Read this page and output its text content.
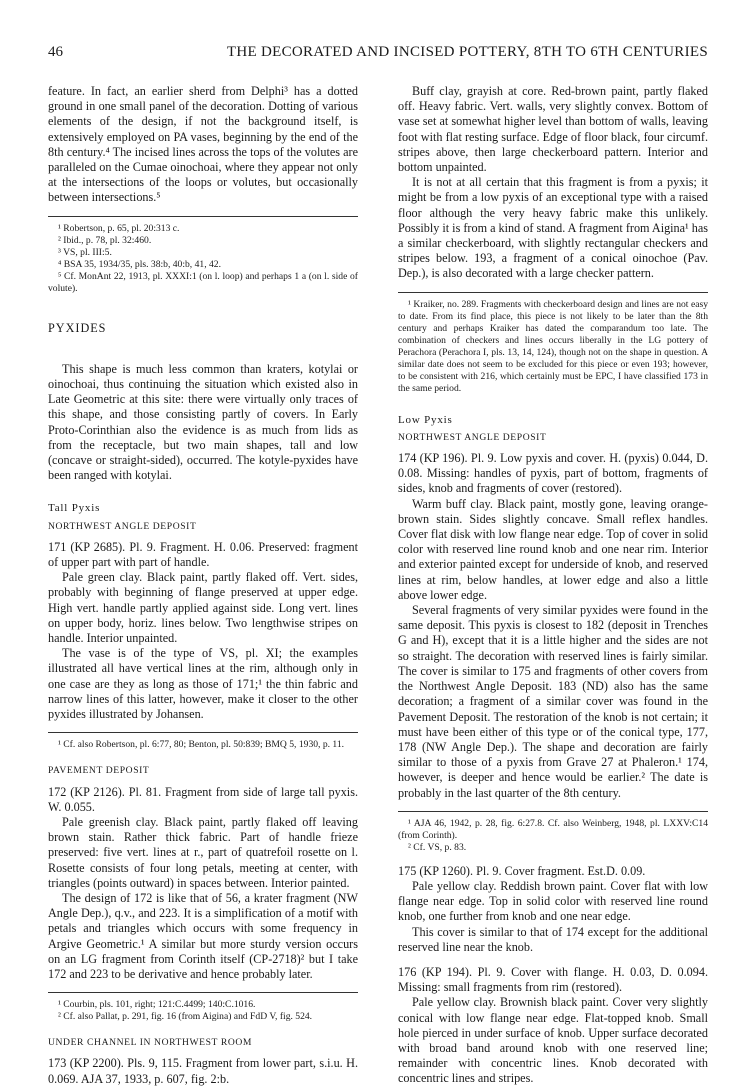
46	THE DECORATED AND INCISED POTTERY, 8TH TO 6TH CENTURIES

feature. In fact, an earlier sherd from Delphi³ has a dotted ground in one small panel of the decoration. Dotting of various elements of the design, if not the background itself, is extensively employed on PA vases, beginning by the end of the 8th century.⁴ The incised lines across the tops of the volutes are paralleled on the Cumae oinochoai, where they appear not only at the intersections of the loops or volutes, but occasionally between intersections.⁵

¹ Robertson, p. 65, pl. 20:313 c.

² Ibid., p. 78, pl. 32:460.

³ VS, pl. III:5.

⁴ BSA 35, 1934/35, pls. 38:b, 40:b, 41, 42.

⁵ Cf. MonAnt 22, 1913, pl. XXXI:1 (on l. loop) and perhaps 1 a (on l. side of volute).

PYXIDES

This shape is much less common than kraters, kotylai or oinochoai, thus continuing the situation which existed also in Late Geometric at this site: there were virtually only traces of this shape, and those consisting partly of covers. In Early Proto-Corinthian also the evidence is as much from lids as from the receptacle, but two main shapes, tall and low (concave or straight-sided), occurred. The kotyle-pyxides have been ranged with kotylai.

Tall Pyxis
NORTHWEST ANGLE DEPOSIT

171 (KP 2685). Pl. 9. Fragment. H. 0.06. Preserved: fragment of upper part with part of handle.

Pale green clay. Black paint, partly flaked off. Vert. sides, probably with beginning of flange preserved at upper edge. High vert. handle partly applied against side. Long vert. lines on upper body, horiz. lines below. Two lengthwise stripes on handle. Interior unpainted.

The vase is of the type of VS, pl. XI; the examples illustrated all have vertical lines at the rim, although only in one case are they as long as those of 171;¹ the thin fabric and narrow lines of this latter, however, make it closer to the other pyxides illustrated by Johansen.

¹ Cf. also Robertson, pl. 6:77, 80; Benton, pl. 50:839; BMQ 5, 1930, p. 11.

PAVEMENT DEPOSIT

172 (KP 2126). Pl. 81. Fragment from side of large tall pyxis. W. 0.055.

Pale greenish clay. Black paint, partly flaked off leaving brown stain. Rather thick fabric. Part of handle frieze preserved: five vert. lines at r., part of quatrefoil rosette on l. Rosette consists of four long petals, meeting at center, with triangles (points outward) in spaces between. Interior painted.

The design of 172 is like that of 56, a krater fragment (NW Angle Dep.), q.v., and 223. It is a simplification of a motif with petals and triangles which occurs with some frequency in Argive Geometric.¹ A similar but more sturdy version occurs on an LG fragment from Corinth itself (CP-2718)² but I take 172 and 223 to be derivative and hence probably later.

¹ Courbin, pls. 101, right; 121:C.4499; 140:C.1016.

² Cf. also Pallat, p. 291, fig. 16 (from Aigina) and FdD V, fig. 524.

UNDER CHANNEL IN NORTHWEST ROOM

173 (KP 2200). Pls. 9, 115. Fragment from lower part, s.i.u. H. 0.069. AJA 37, 1933, p. 607, fig. 2:b.

Buff clay, grayish at core. Red-brown paint, partly flaked off. Heavy fabric. Vert. walls, very slightly convex. Bottom of vase set at somewhat higher level than bottom of walls, leaving foot with flat resting surface. Edge of floor black, four circumf. stripes above, then large checkerboard pattern. Interior and bottom unpainted.

It is not at all certain that this fragment is from a pyxis; it might be from a low pyxis of an exceptional type with a raised floor although the very heavy fabric make this unlikely. Possibly it is from a kind of stand. A fragment from Aigina¹ has a similar checkerboard, with slightly rectangular checkers and stripes below. 193, a fragment of a conical oinochoe (Pav. Dep.), is also decorated with a large checker pattern.

¹ Kraiker, no. 289. Fragments with checkerboard design and lines are not easy to date. From its find place, this piece is not likely to be later than the 8th century and perhaps Kraiker has dated the comparandum too late. The combination of checkers and lines occurs liberally in the LG pottery of Perachora (Perachora I, pls. 13, 14, 124), though not on the shape in question. A similar date does not seem to be excluded for this piece or even 193; however, to be consistent with 216, which certainly must be EPC, I have classified 173 in the same period.

Low Pyxis
NORTHWEST ANGLE DEPOSIT

174 (KP 196). Pl. 9. Low pyxis and cover. H. (pyxis) 0.044, D. 0.08. Missing: handles of pyxis, part of bottom, fragments of sides, knob and fragments of cover (restored).

Warm buff clay. Black paint, mostly gone, leaving orange-brown stain. Sides slightly concave. Small reflex handles. Cover flat disk with low flange near edge. Top of cover in solid color with reserved line round knob and one near rim. Interior and exterior painted except for underside of knob, and reserved lines at rim, below handles, at lower edge and also a little above lower edge.

Several fragments of very similar pyxides were found in the same deposit. This pyxis is closest to 182 (deposit in Trenches G and H), except that it is a little higher and the sides are not so straight. The decoration with reserved lines is fairly similar. The cover is similar to 175 and fragments of other covers from the Northwest Angle Deposit. 183 (ND) also has the same decoration; a fragment of a similar cover was found in the Pavement Deposit. The restoration of the knob is not certain; it must have been either of this type or of the conical type, 177, 178 (NW Angle Dep.). The shape and decoration are fairly similar to those of a pyxis from Grave 27 at Phaleron.¹ 174, however, is deeper and hence would be earlier.² The date is probably in the last quarter of the 8th century.

¹ AJA 46, 1942, p. 28, fig. 6:27.8. Cf. also Weinberg, 1948, pl. LXXV:C14 (from Corinth).

² Cf. VS, p. 83.

175 (KP 1260). Pl. 9. Cover fragment. Est.D. 0.09.

Pale yellow clay. Reddish brown paint. Cover flat with low flange near edge. Top in solid color with reserved line round knob, one further from knob and one near edge.

This cover is similar to that of 174 except for the additional reserved line near the knob.

176 (KP 194). Pl. 9. Cover with flange. H. 0.03, D. 0.094. Missing: small fragments from rim (restored).

Pale yellow clay. Brownish black paint. Cover very slightly conical with low flange near edge. Flat-topped knob. Small hole pierced in under surface of knob. Upper surface decorated with broad band around knob with one reserved line; remainder with concentric lines. Knob decorated with concentric lines and stripes.
